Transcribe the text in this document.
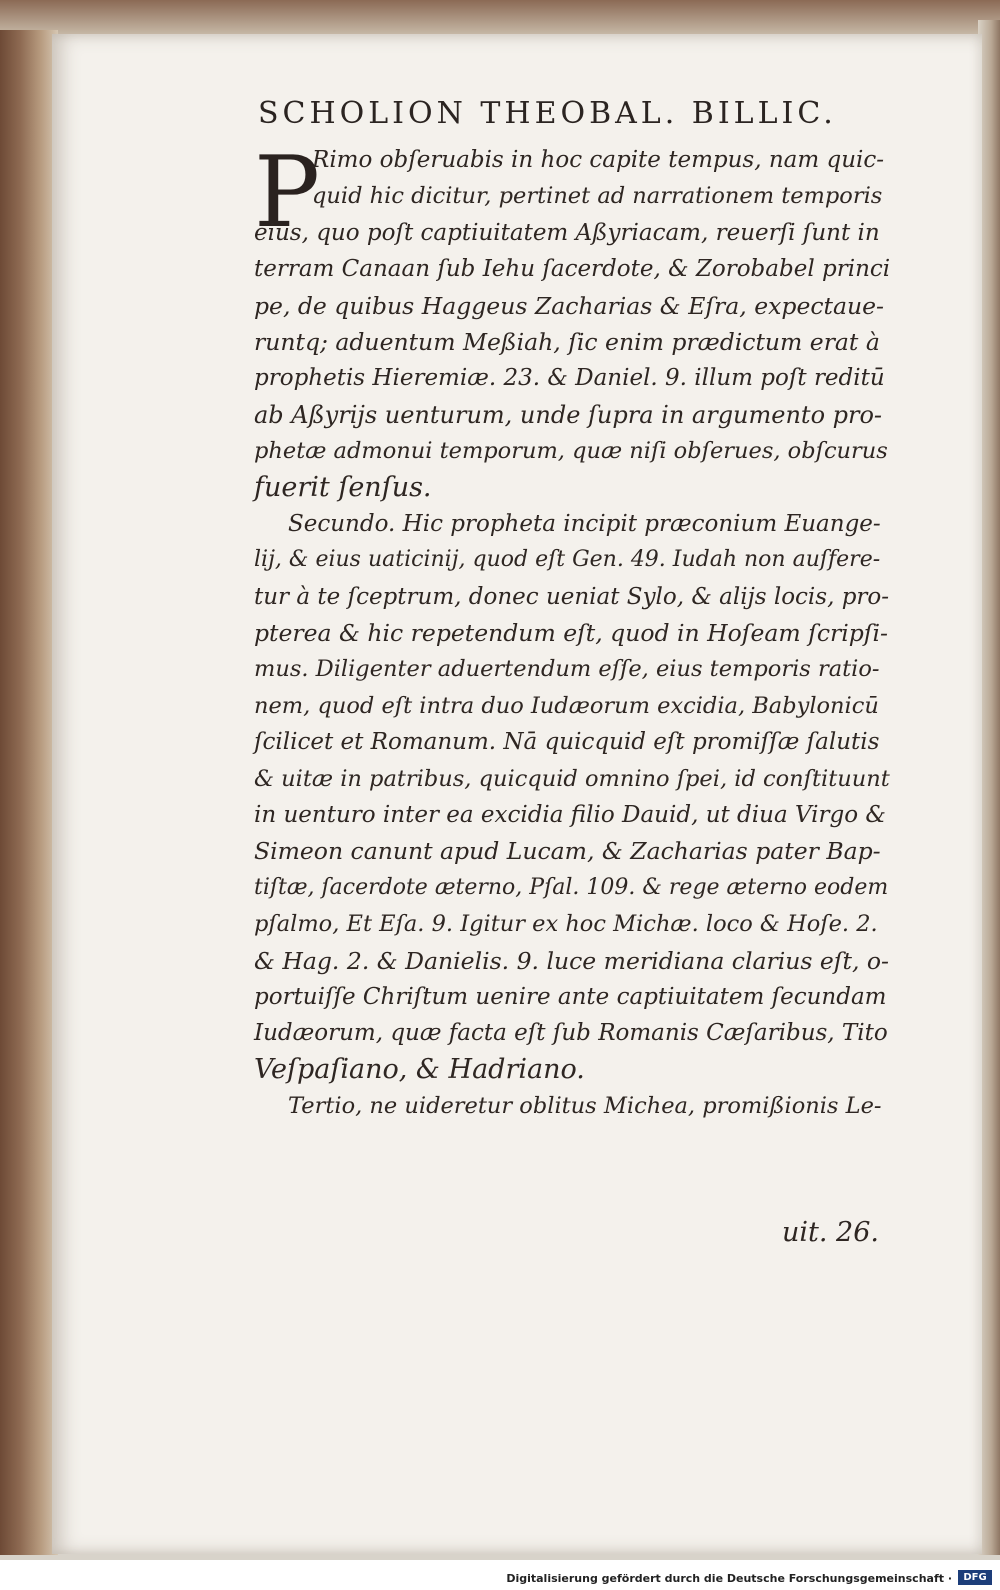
SCHOLION THEOBAL. BILLIC.
P
Rimo obſeruabis in hoc capite tempus, nam quic-
quid hic dicitur, pertinet ad narrationem temporis
eius, quo poſt captiuitatem Aßyriacam, reuerſi ſunt in
terram Canaan ſub Iehu ſacerdote, & Zorobabel princi
pe, de quibus Haggeus Zacharias & Eſra, expectaue-
runtq; aduentum Meßiah, ſic enim prædictum erat à
prophetis Hieremiæ. 23. & Daniel. 9. illum poſt reditū
ab Aßyrijs uenturum, unde ſupra in argumento pro-
phetæ admonui temporum, quæ niſi obſerues, obſcurus
fuerit ſenſus.
Secundo. Hic propheta incipit præconium Euange-
lij, & eius uaticinij, quod eſt Gen. 49. Iudah non auſfere-
tur à te ſceptrum, donec ueniat Sylo, & alijs locis, pro-
pterea & hic repetendum eſt, quod in Hoſeam ſcripſi-
mus. Diligenter aduertendum eſſe, eius temporis ratio-
nem, quod eſt intra duo Iudæorum excidia, Babylonicū
ſcilicet et Romanum. Nā quicquid eſt promiſſæ ſalutis
& uitæ in patribus, quicquid omnino ſpei, id conſtituunt
in uenturo inter ea excidia filio Dauid, ut diua Virgo &
Simeon canunt apud Lucam, & Zacharias pater Bap-
tiſtæ, ſacerdote æterno, Pſal. 109. & rege æterno eodem
pſalmo, Et Eſa. 9. Igitur ex hoc Michæ. loco & Hoſe. 2.
& Hag. 2. & Danielis. 9. luce meridiana clarius eſt, o-
portuiſſe Chriſtum uenire ante captiuitatem ſecundam
Iudæorum, quæ facta eſt ſub Romanis Cæſaribus, Tito
Veſpaſiano, & Hadriano.
Tertio, ne uideretur oblitus Michea, promißionis Le-
uit. 26.
Digitalisierung gefördert durch die Deutsche Forschungsgemeinschaft ·	DFG
